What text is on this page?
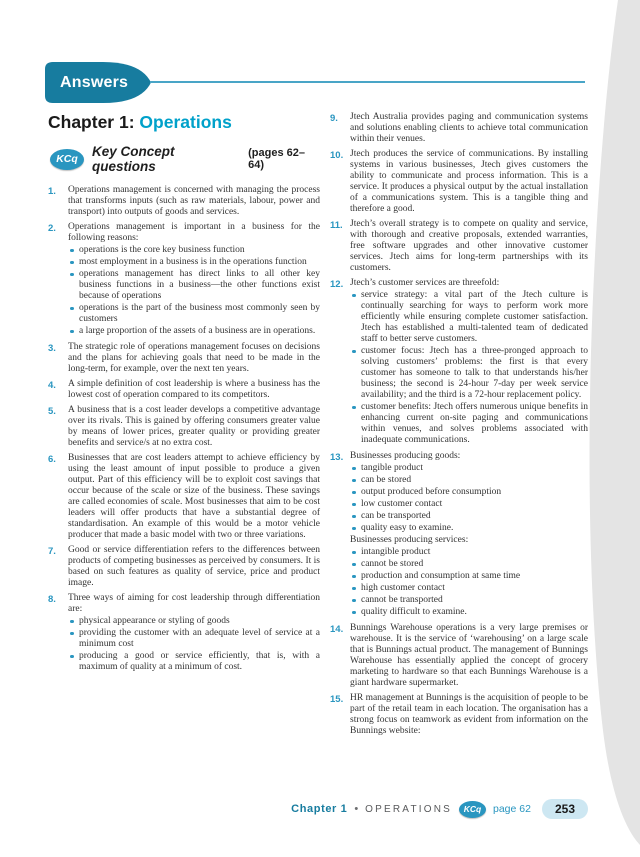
Answers
Chapter 1: Operations
KCq	Key Concept questions
(pages 62–64)
1.	Operations management is concerned with managing the process that transforms inputs (such as raw materials, labour, power and transport) into outputs of goods and services.

2.	Operations management is important in a business for the following reasons:

operations is the core key business function
most employment in a business is in the operations function
operations management has direct links to all other key business functions in a business—the other functions exist because of operations
operations is the part of the business most commonly seen by customers
a large proportion of the assets of a business are in operations.
3.	The strategic role of operations management focuses on decisions and the plans for achieving goals that need to be made in the long-term, for example, over the next ten years.

4.	A simple definition of cost leadership is where a business has the lowest cost of operation compared to its competitors.

5.	A business that is a cost leader develops a competitive advantage over its rivals. This is gained by offering consumers greater value by means of lower prices, greater quality or providing greater benefits and service/s at no extra cost.

6.	Businesses that are cost leaders attempt to achieve efficiency by using the least amount of input possible to produce a given output. Part of this efficiency will be to exploit cost savings that occur because of the scale or size of the business. These savings are called economies of scale. Most businesses that aim to be cost leaders will offer products that have a substantial degree of standardisation. An example of this would be a motor vehicle producer that made a basic model with two or three variations.

7.	Good or service differentiation refers to the differences between products of competing businesses as perceived by consumers. It is based on such features as quality of service, price and product image.

8.	Three ways of aiming for cost leadership through differentiation are:

physical appearance or styling of goods
providing the customer with an adequate level of service at a minimum cost
producing a good or service efficiently, that is, with a maximum of quality at a minimum of cost.
9.	Jtech Australia provides paging and communication systems and solutions enabling clients to achieve total communication within their venues.

10. Jtech produces the service of communications. By installing systems in various businesses, Jtech gives customers the ability to communicate and process information. This is a service. It produces a physical output by the actual installation of a communications system. This is a tangible thing and therefore a good.

11. Jtech’s overall strategy is to compete on quality and service, with thorough and creative proposals, extended warranties, free software upgrades and other innovative customer services. Jtech aims for long-term partnerships with its customers.

12. Jtech’s customer services are threefold:

service strategy: a vital part of the Jtech culture is continually searching for ways to perform work more efficiently while ensuring complete customer satisfaction. Jtech has established a multi-talented team of dedicated staff to better serve customers.
customer focus: Jtech has a three-pronged approach to solving customers’ problems: the first is that every customer has someone to talk to that understands his/her business; the second is 24-hour 7-day per week service availability; and the third is a 72-hour replacement policy.
customer benefits: Jtech offers numerous unique benefits in enhancing current on-site paging and communications within venues, and solves problems associated with inadequate communications.
13. Businesses producing goods:

tangible product
can be stored
output produced before consumption
low customer contact
can be transported
quality easy to examine.

Businesses producing services:

intangible product
cannot be stored
production and consumption at same time
high customer contact
cannot be transported
quality difficult to examine.
14. Bunnings Warehouse operations is a very large premises or warehouse. It is the service of ‘warehousing’ on a large scale that is Bunnings actual product. The management of Bunnings Warehouse has essentially applied the concept of grocery marketing to hardware so that each Bunnings Warehouse is a giant hardware supermarket.

15. HR management at Bunnings is the acquisition of people to be part of the retail team in each location. The organisation has a strong focus on teamwork as evident from information on the Bunnings website:

Chapter 1 • OPERATIONS	KCq	page 62	253
